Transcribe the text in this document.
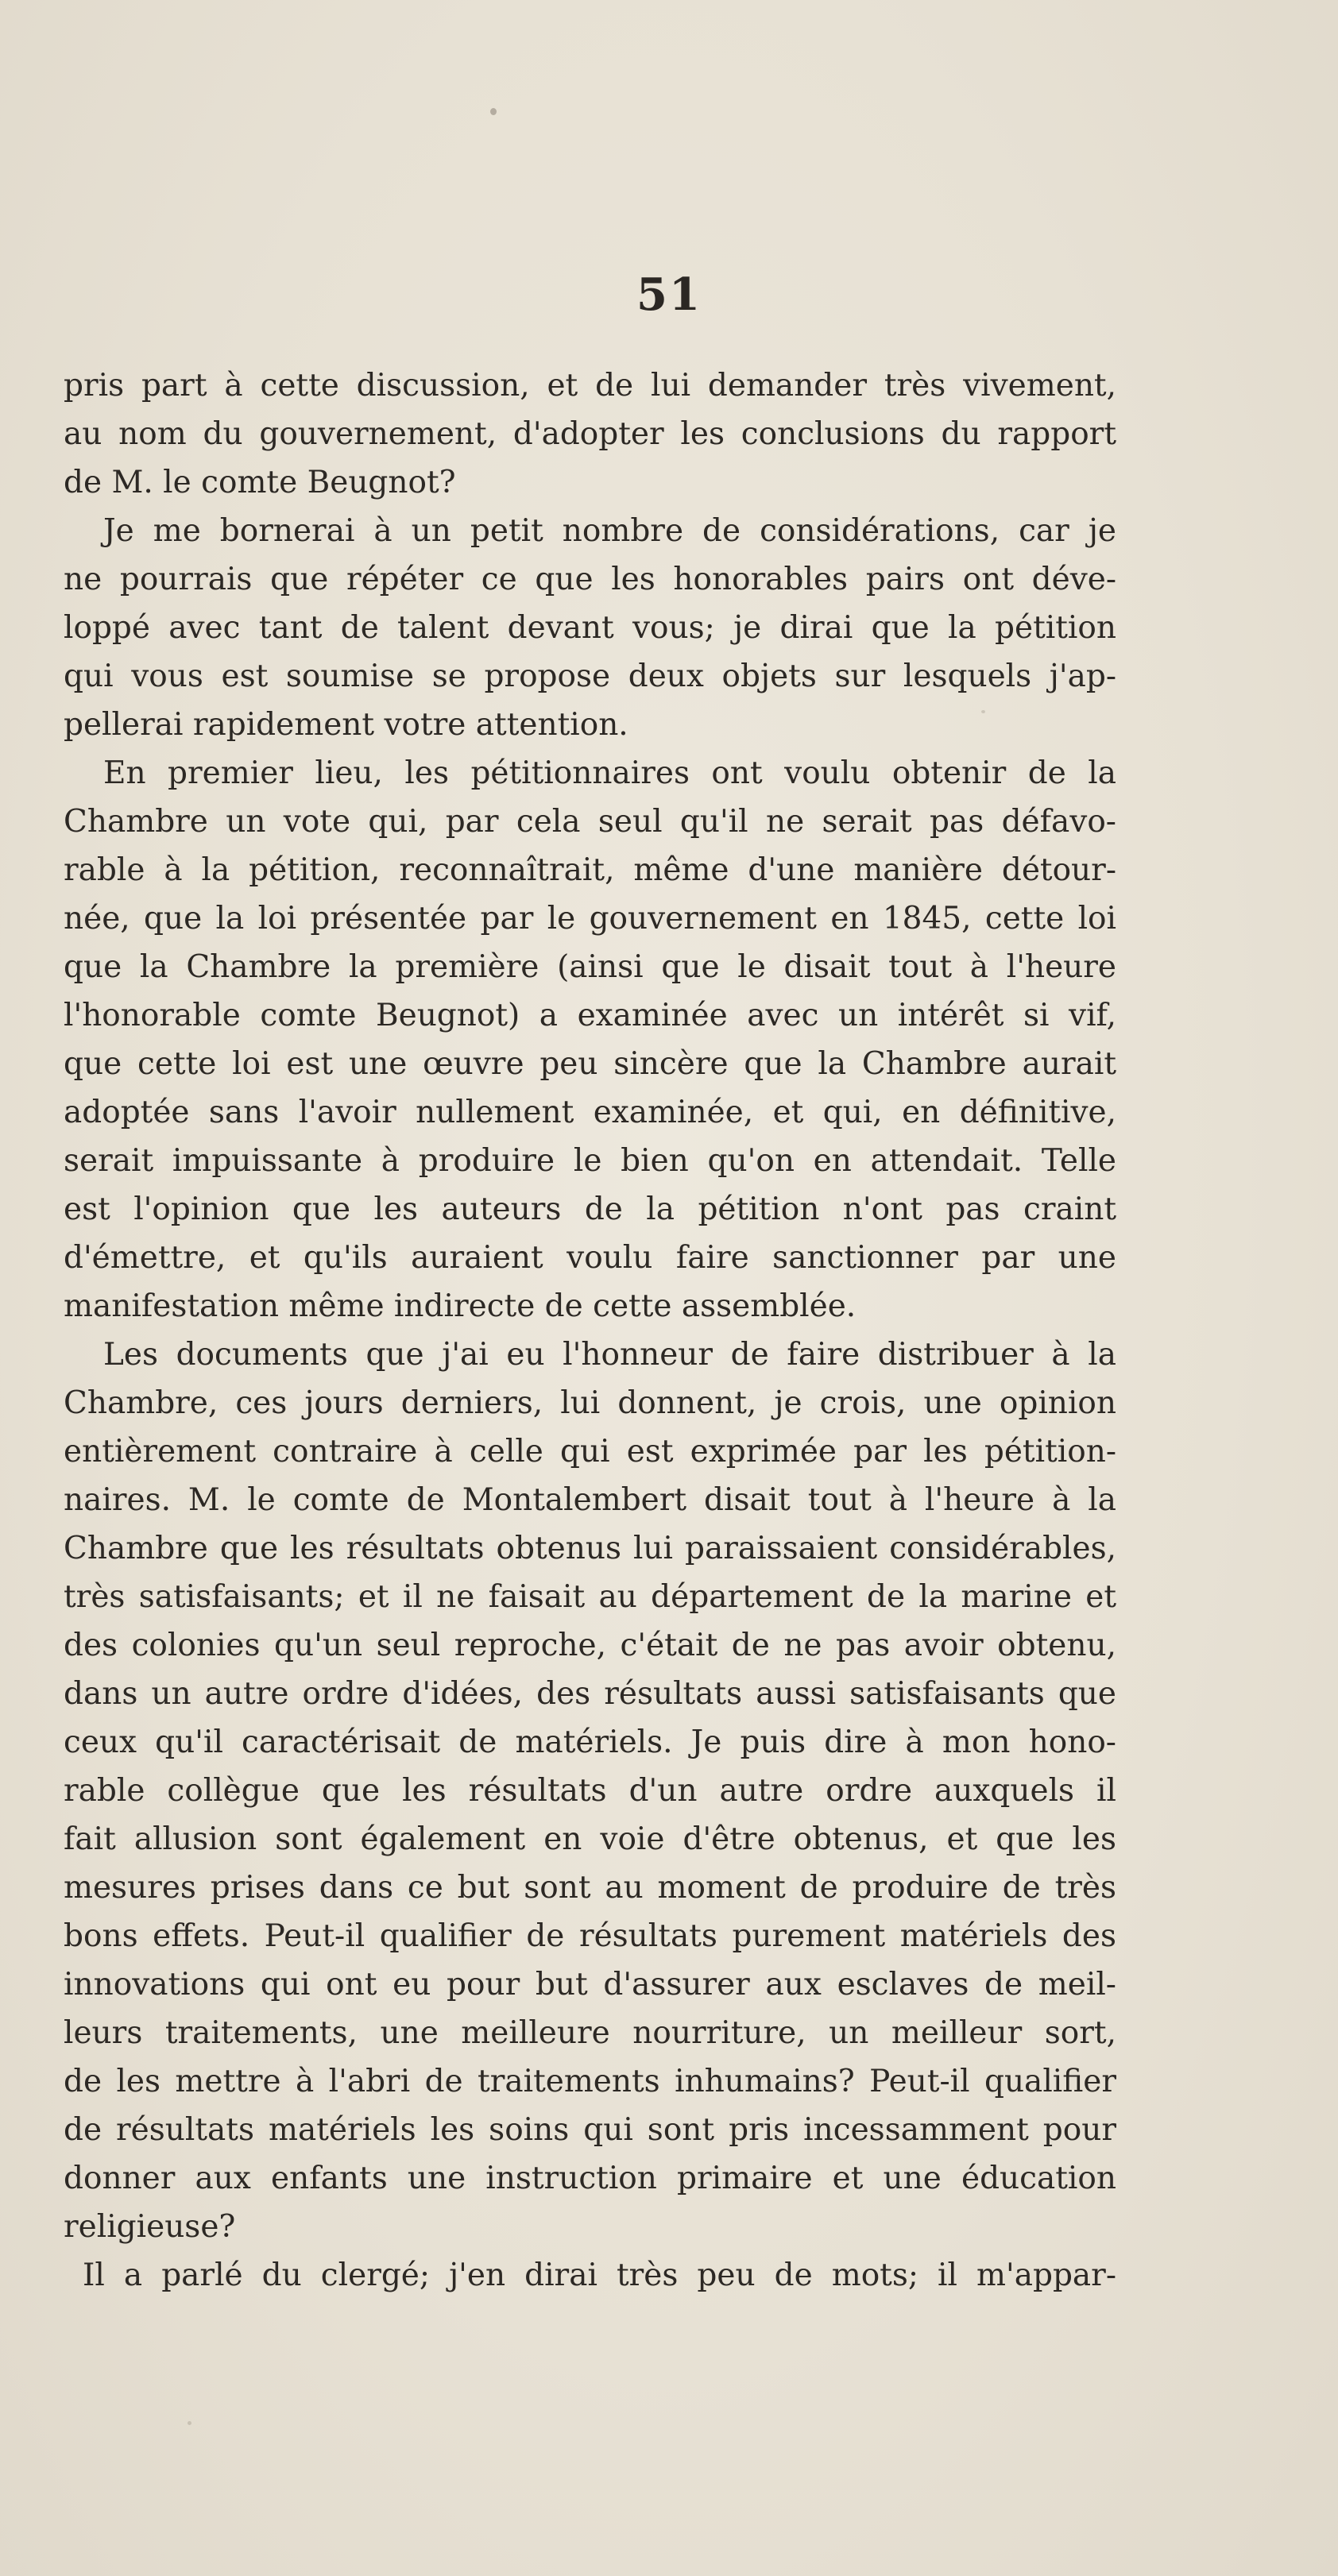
51
pris part à cette discussion, et de lui demander très vivement,
au nom du gouvernement, d'adopter les conclusions du rapport
de M. le comte Beugnot?
Je me bornerai à un petit nombre de considérations, car je
ne pourrais que répéter ce que les honorables pairs ont déve-
loppé avec tant de talent devant vous; je dirai que la pétition
qui vous est soumise se propose deux objets sur lesquels j'ap-
pellerai rapidement votre attention.
En premier lieu, les pétitionnaires ont voulu obtenir de la
Chambre un vote qui, par cela seul qu'il ne serait pas défavo-
rable à la pétition, reconnaîtrait, même d'une manière détour-
née, que la loi présentée par le gouvernement en 1845, cette loi
que la Chambre la première (ainsi que le disait tout à l'heure
l'honorable comte Beugnot) a examinée avec un intérêt si vif,
que cette loi est une œuvre peu sincère que la Chambre aurait
adoptée sans l'avoir nullement examinée, et qui, en définitive,
serait impuissante à produire le bien qu'on en attendait. Telle
est l'opinion que les auteurs de la pétition n'ont pas craint
d'émettre, et qu'ils auraient voulu faire sanctionner par une
manifestation même indirecte de cette assemblée.
Les documents que j'ai eu l'honneur de faire distribuer à la
Chambre, ces jours derniers, lui donnent, je crois, une opinion
entièrement contraire à celle qui est exprimée par les pétition-
naires. M. le comte de Montalembert disait tout à l'heure à la
Chambre que les résultats obtenus lui paraissaient considérables,
très satisfaisants; et il ne faisait au département de la marine et
des colonies qu'un seul reproche, c'était de ne pas avoir obtenu,
dans un autre ordre d'idées, des résultats aussi satisfaisants que
ceux qu'il caractérisait de matériels. Je puis dire à mon hono-
rable collègue que les résultats d'un autre ordre auxquels il
fait allusion sont également en voie d'être obtenus, et que les
mesures prises dans ce but sont au moment de produire de très
bons effets. Peut-il qualifier de résultats purement matériels des
innovations qui ont eu pour but d'assurer aux esclaves de meil-
leurs traitements, une meilleure nourriture, un meilleur sort,
de les mettre à l'abri de traitements inhumains? Peut-il qualifier
de résultats matériels les soins qui sont pris incessamment pour
donner aux enfants une instruction primaire et une éducation
religieuse?
Il a parlé du clergé; j'en dirai très peu de mots; il m'appar-
